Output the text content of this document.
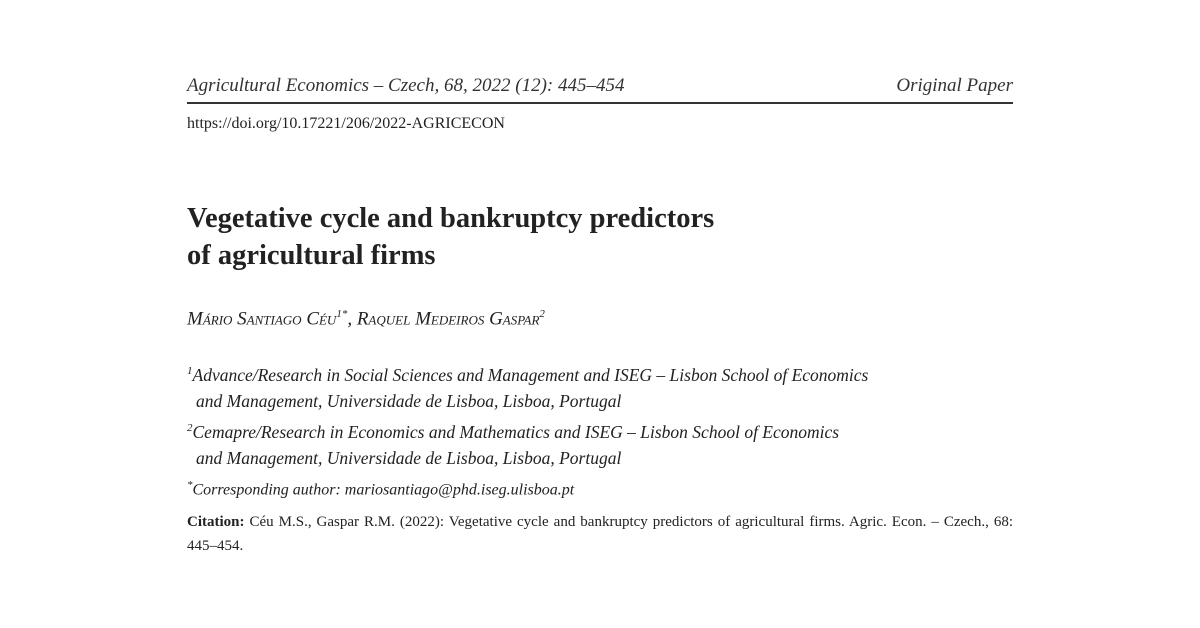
Agricultural Economics – Czech, 68, 2022 (12): 445–454	Original Paper
https://doi.org/10.17221/206/2022-AGRICECON
Vegetative cycle and bankruptcy predictors
of agricultural firms
Mário Santiago Céu$^{1*}$, Raquel Medeiros Gaspar$^2$
$^1$Advance/Research in Social Sciences and Management and ISEG – Lisbon School of Economics
and Management, Universidade de Lisboa, Lisboa, Portugal
$^2$Cemapre/Research in Economics and Mathematics and ISEG – Lisbon School of Economics
and Management, Universidade de Lisboa, Lisboa, Portugal
*Corresponding author: mariosantiago@phd.iseg.ulisboa.pt
Citation: Céu M.S., Gaspar R.M. (2022): Vegetative cycle and bankruptcy predictors of agricultural firms. Agric. Econ. – Czech., 68: 445–454.
